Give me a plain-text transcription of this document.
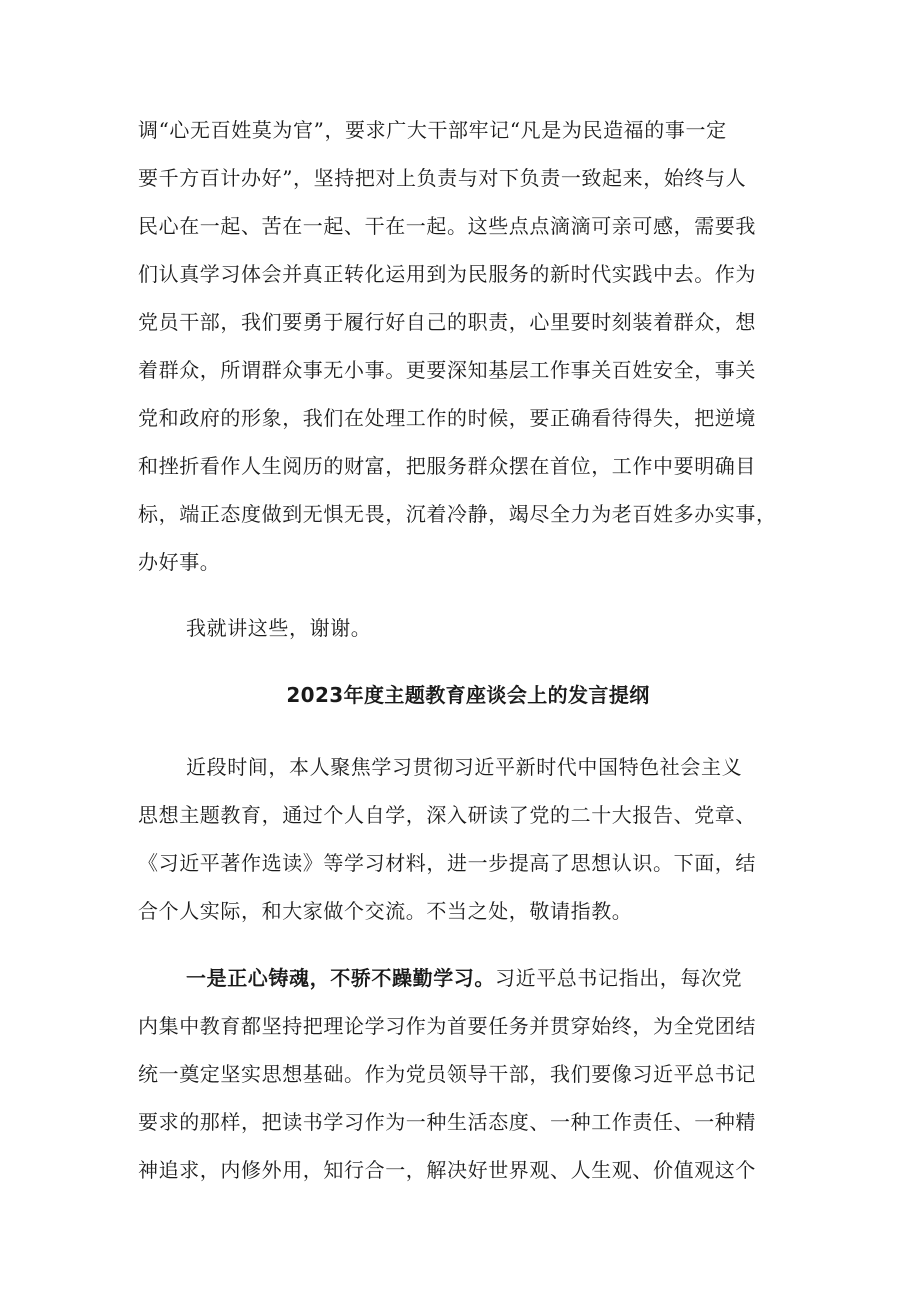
调“心无百姓莫为官”，要求广大干部牢记“凡是为民造福的事一定
要千方百计办好”，坚持把对上负责与对下负责一致起来，始终与人
民心在一起、苦在一起、干在一起。这些点点滴滴可亲可感，需要我
们认真学习体会并真正转化运用到为民服务的新时代实践中去。作为
党员干部，我们要勇于履行好自己的职责，心里要时刻装着群众，想
着群众，所谓群众事无小事。更要深知基层工作事关百姓安全，事关
党和政府的形象，我们在处理工作的时候，要正确看待得失，把逆境
和挫折看作人生阅历的财富，把服务群众摆在首位，工作中要明确目
标，端正态度做到无惧无畏，沉着冷静，竭尽全力为老百姓多办实事，
办好事。
我就讲这些，谢谢。
2023年度主题教育座谈会上的发言提纲
近段时间，本人聚焦学习贯彻习近平新时代中国特色社会主义
思想主题教育，通过个人自学，深入研读了党的二十大报告、党章、
《习近平著作选读》等学习材料，进一步提高了思想认识。下面，结
合个人实际，和大家做个交流。不当之处，敬请指教。
一是正心铸魂，不骄不躁勤学习。习近平总书记指出，每次党
内集中教育都坚持把理论学习作为首要任务并贯穿始终，为全党团结
统一奠定坚实思想基础。作为党员领导干部，我们要像习近平总书记
要求的那样，把读书学习作为一种生活态度、一种工作责任、一种精
神追求，内修外用，知行合一，解决好世界观、人生观、价值观这个
